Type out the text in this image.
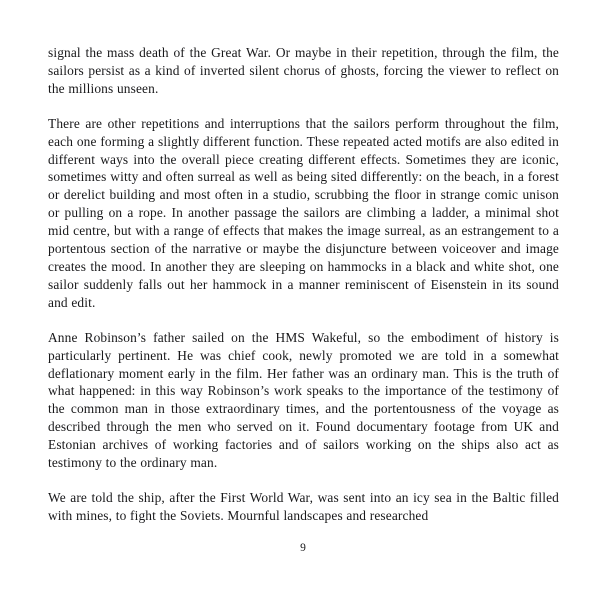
signal the mass death of the Great War. Or maybe in their repetition, through the film, the sailors persist as a kind of inverted silent chorus of ghosts, forcing the viewer to reflect on the millions unseen.

There are other repetitions and interruptions that the sailors perform throughout the film, each one forming a slightly different function. These repeated acted motifs are also edited in different ways into the overall piece creating different effects. Sometimes they are iconic, sometimes witty and often surreal as well as being sited differently: on the beach, in a forest or derelict building and most often in a studio, scrubbing the floor in strange comic unison or pulling on a rope. In another passage the sailors are climbing a ladder, a minimal shot mid centre, but with a range of effects that makes the image surreal, as an estrangement to a portentous section of the narrative or maybe the disjuncture between voiceover and image creates the mood. In another they are sleeping on hammocks in a black and white shot, one sailor suddenly falls out her hammock in a manner reminiscent of Eisenstein in its sound and edit.

Anne Robinson’s father sailed on the HMS Wakeful, so the embodiment of history is particularly pertinent. He was chief cook, newly promoted we are told in a somewhat deflationary moment early in the film. Her father was an ordinary man. This is the truth of what happened: in this way Robinson’s work speaks to the importance of the testimony of the common man in those extraordinary times, and the portentousness of the voyage as described through the men who served on it. Found documentary footage from UK and Estonian archives of working factories and of sailors working on the ships also act as testimony to the ordinary man.

We are told the ship, after the First World War, was sent into an icy sea in the Baltic filled with mines, to fight the Soviets. Mournful landscapes and researched

9
